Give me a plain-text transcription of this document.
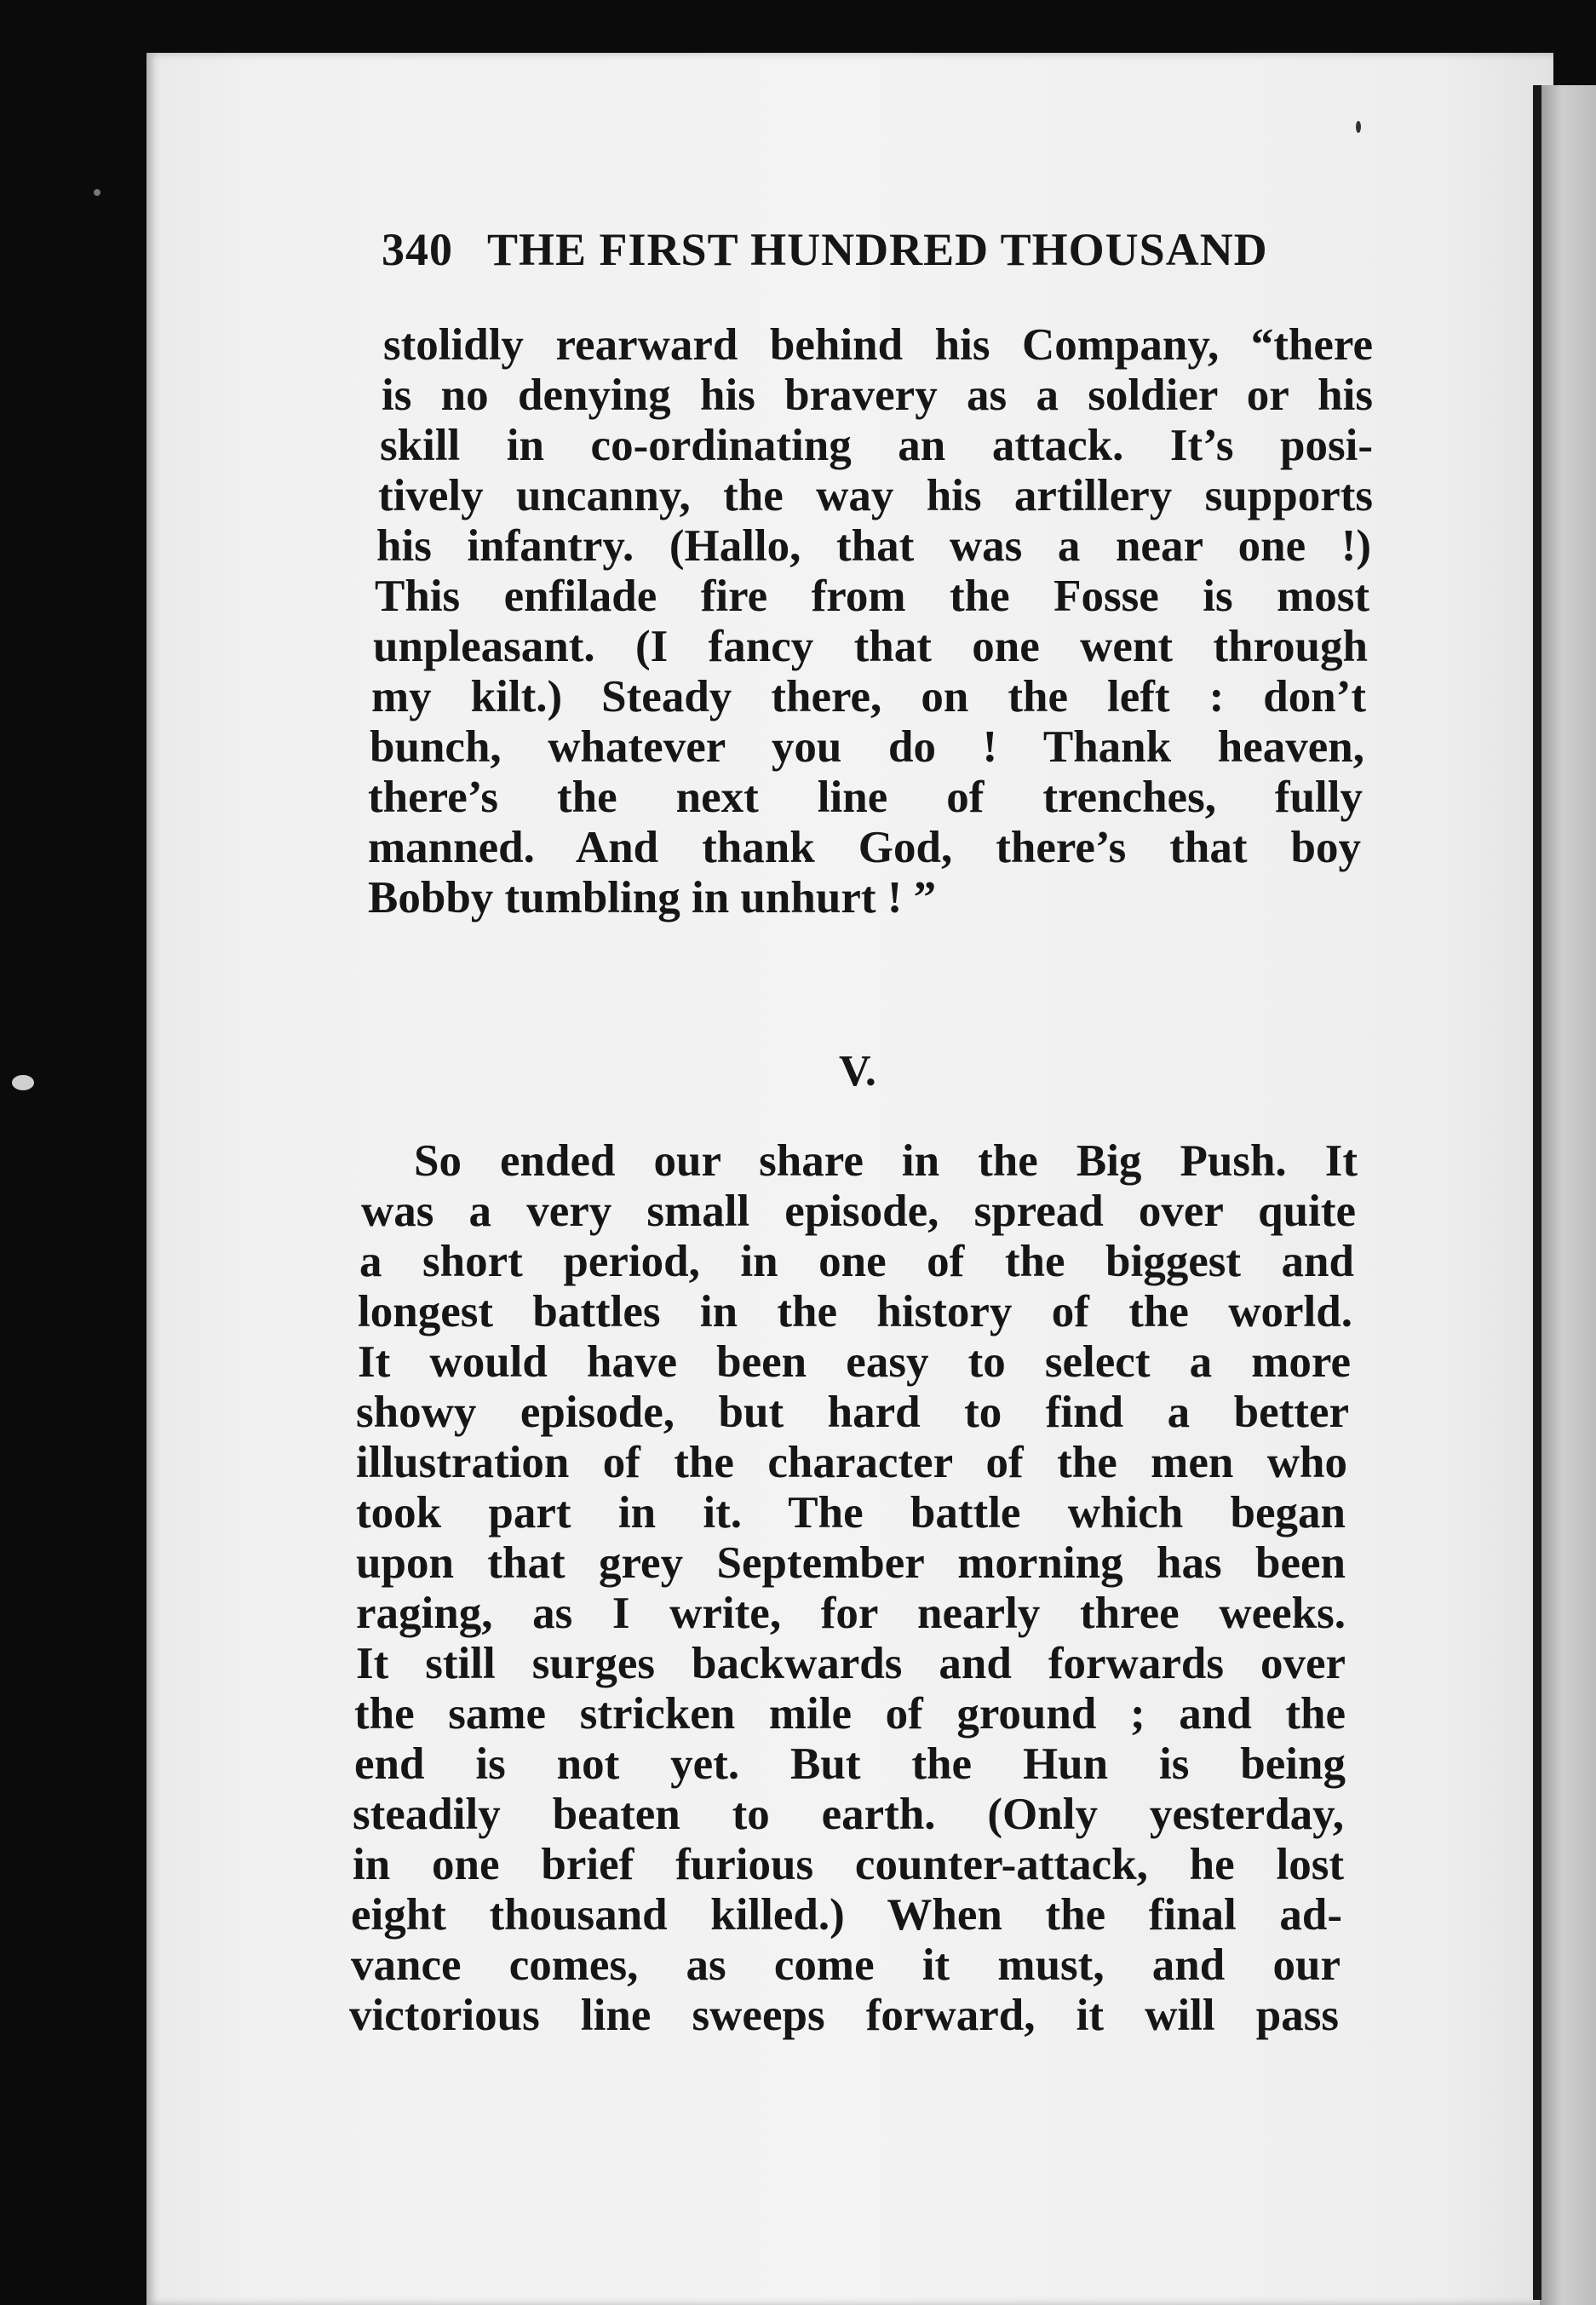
340 THE FIRST HUNDRED THOUSAND
stolidly rearward behind his Company, “there
is no denying his bravery as a soldier or his
skill in co-ordinating an attack. It’s posi-
tively uncanny, the way his artillery supports
his infantry. (Hallo, that was a near one !)
This enfilade fire from the Fosse is most
unpleasant. (I fancy that one went through
my kilt.) Steady there, on the left : don’t
bunch, whatever you do ! Thank heaven,
there’s the next line of trenches, fully
manned. And thank God, there’s that boy
Bobby tumbling in unhurt ! ”
V.
So ended our share in the Big Push. It
was a very small episode, spread over quite
a short period, in one of the biggest and
longest battles in the history of the world.
It would have been easy to select a more
showy episode, but hard to find a better
illustration of the character of the men who
took part in it. The battle which began
upon that grey September morning has been
raging, as I write, for nearly three weeks.
It still surges backwards and forwards over
the same stricken mile of ground ; and the
end is not yet. But the Hun is being
steadily beaten to earth. (Only yesterday,
in one brief furious counter-attack, he lost
eight thousand killed.) When the final ad-
vance comes, as come it must, and our
victorious line sweeps forward, it will pass
